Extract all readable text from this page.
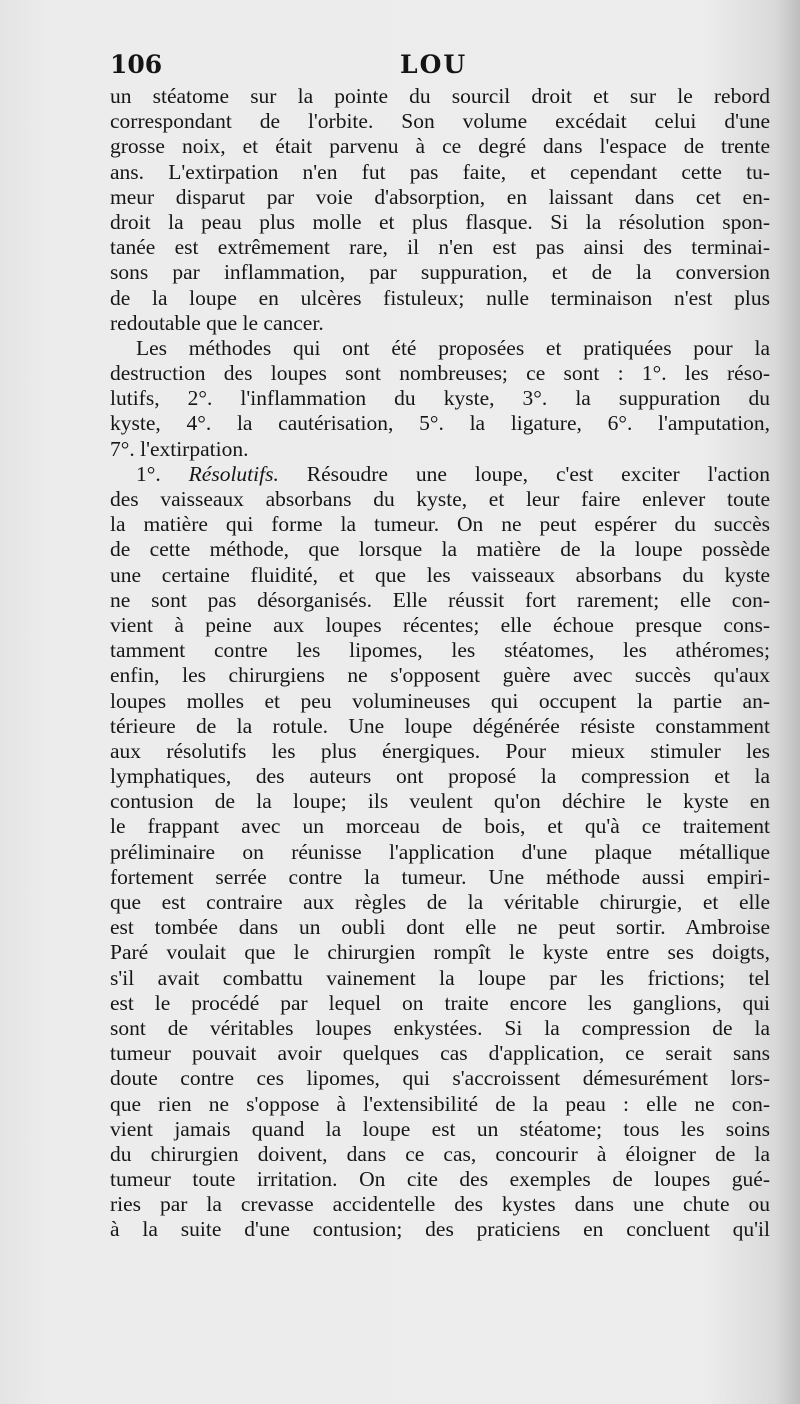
106	LOU
un stéatome sur la pointe du sourcil droit et sur le rebord
correspondant de l'orbite. Son volume excédait celui d'une
grosse noix, et était parvenu à ce degré dans l'espace de trente
ans. L'extirpation n'en fut pas faite, et cependant cette tu-
meur disparut par voie d'absorption, en laissant dans cet en-
droit la peau plus molle et plus flasque. Si la résolution spon-
tanée est extrêmement rare, il n'en est pas ainsi des terminai-
sons par inflammation, par suppuration, et de la conversion
de la loupe en ulcères fistuleux; nulle terminaison n'est plus
redoutable que le cancer.
Les méthodes qui ont été proposées et pratiquées pour la
destruction des loupes sont nombreuses; ce sont : 1°. les réso-
lutifs, 2°. l'inflammation du kyste, 3°. la suppuration du
kyste, 4°. la cautérisation, 5°. la ligature, 6°. l'amputation,
7°. l'extirpation.
1°. Résolutifs. Résoudre une loupe, c'est exciter l'action
des vaisseaux absorbans du kyste, et leur faire enlever toute
la matière qui forme la tumeur. On ne peut espérer du succès
de cette méthode, que lorsque la matière de la loupe possède
une certaine fluidité, et que les vaisseaux absorbans du kyste
ne sont pas désorganisés. Elle réussit fort rarement; elle con-
vient à peine aux loupes récentes; elle échoue presque cons-
tamment contre les lipomes, les stéatomes, les athéromes;
enfin, les chirurgiens ne s'opposent guère avec succès qu'aux
loupes molles et peu volumineuses qui occupent la partie an-
térieure de la rotule. Une loupe dégénérée résiste constamment
aux résolutifs les plus énergiques. Pour mieux stimuler les
lymphatiques, des auteurs ont proposé la compression et la
contusion de la loupe; ils veulent qu'on déchire le kyste en
le frappant avec un morceau de bois, et qu'à ce traitement
préliminaire on réunisse l'application d'une plaque métallique
fortement serrée contre la tumeur. Une méthode aussi empiri-
que est contraire aux règles de la véritable chirurgie, et elle
est tombée dans un oubli dont elle ne peut sortir. Ambroise
Paré voulait que le chirurgien rompît le kyste entre ses doigts,
s'il avait combattu vainement la loupe par les frictions; tel
est le procédé par lequel on traite encore les ganglions, qui
sont de véritables loupes enkystées. Si la compression de la
tumeur pouvait avoir quelques cas d'application, ce serait sans
doute contre ces lipomes, qui s'accroissent démesurément lors-
que rien ne s'oppose à l'extensibilité de la peau : elle ne con-
vient jamais quand la loupe est un stéatome; tous les soins
du chirurgien doivent, dans ce cas, concourir à éloigner de la
tumeur toute irritation. On cite des exemples de loupes gué-
ries par la crevasse accidentelle des kystes dans une chute ou
à la suite d'une contusion; des praticiens en concluent qu'il
